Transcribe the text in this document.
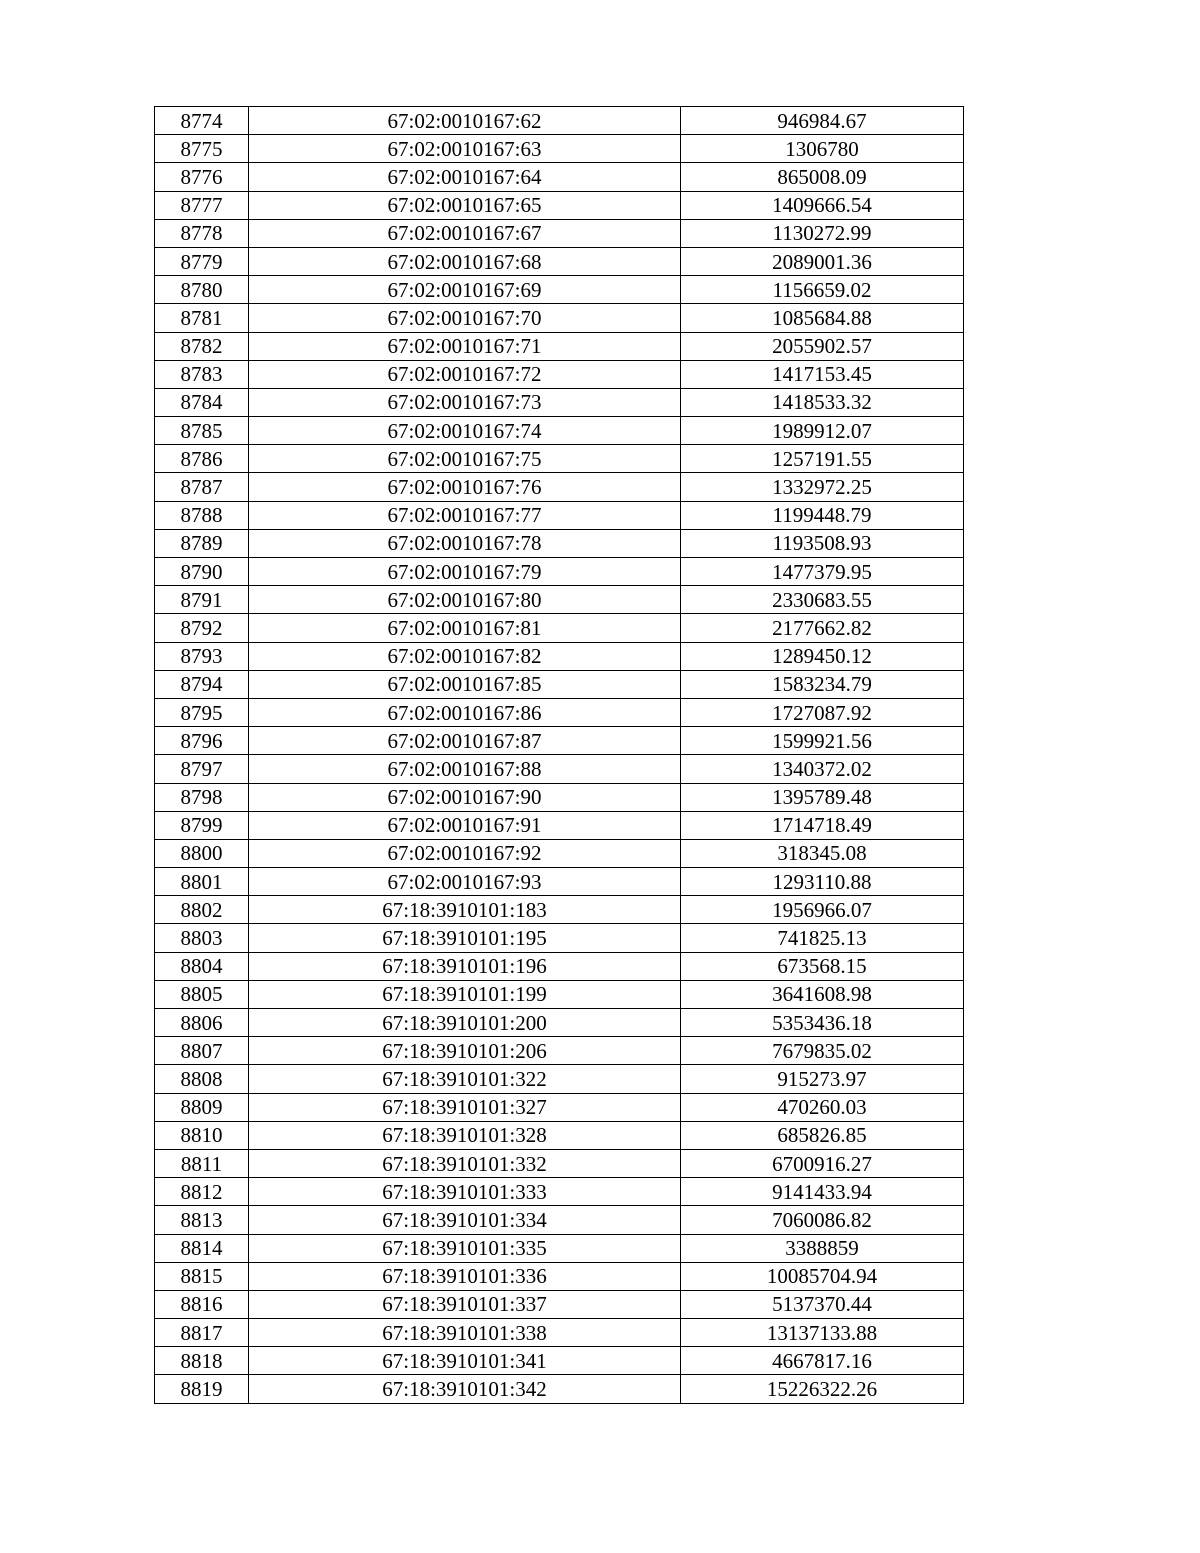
8774	67:02:0010167:62	946984.67
8775	67:02:0010167:63	1306780
8776	67:02:0010167:64	865008.09
8777	67:02:0010167:65	1409666.54
8778	67:02:0010167:67	1130272.99
8779	67:02:0010167:68	2089001.36
8780	67:02:0010167:69	1156659.02
8781	67:02:0010167:70	1085684.88
8782	67:02:0010167:71	2055902.57
8783	67:02:0010167:72	1417153.45
8784	67:02:0010167:73	1418533.32
8785	67:02:0010167:74	1989912.07
8786	67:02:0010167:75	1257191.55
8787	67:02:0010167:76	1332972.25
8788	67:02:0010167:77	1199448.79
8789	67:02:0010167:78	1193508.93
8790	67:02:0010167:79	1477379.95
8791	67:02:0010167:80	2330683.55
8792	67:02:0010167:81	2177662.82
8793	67:02:0010167:82	1289450.12
8794	67:02:0010167:85	1583234.79
8795	67:02:0010167:86	1727087.92
8796	67:02:0010167:87	1599921.56
8797	67:02:0010167:88	1340372.02
8798	67:02:0010167:90	1395789.48
8799	67:02:0010167:91	1714718.49
8800	67:02:0010167:92	318345.08
8801	67:02:0010167:93	1293110.88
8802	67:18:3910101:183	1956966.07
8803	67:18:3910101:195	741825.13
8804	67:18:3910101:196	673568.15
8805	67:18:3910101:199	3641608.98
8806	67:18:3910101:200	5353436.18
8807	67:18:3910101:206	7679835.02
8808	67:18:3910101:322	915273.97
8809	67:18:3910101:327	470260.03
8810	67:18:3910101:328	685826.85
8811	67:18:3910101:332	6700916.27
8812	67:18:3910101:333	9141433.94
8813	67:18:3910101:334	7060086.82
8814	67:18:3910101:335	3388859
8815	67:18:3910101:336	10085704.94
8816	67:18:3910101:337	5137370.44
8817	67:18:3910101:338	13137133.88
8818	67:18:3910101:341	4667817.16
8819	67:18:3910101:342	15226322.26
